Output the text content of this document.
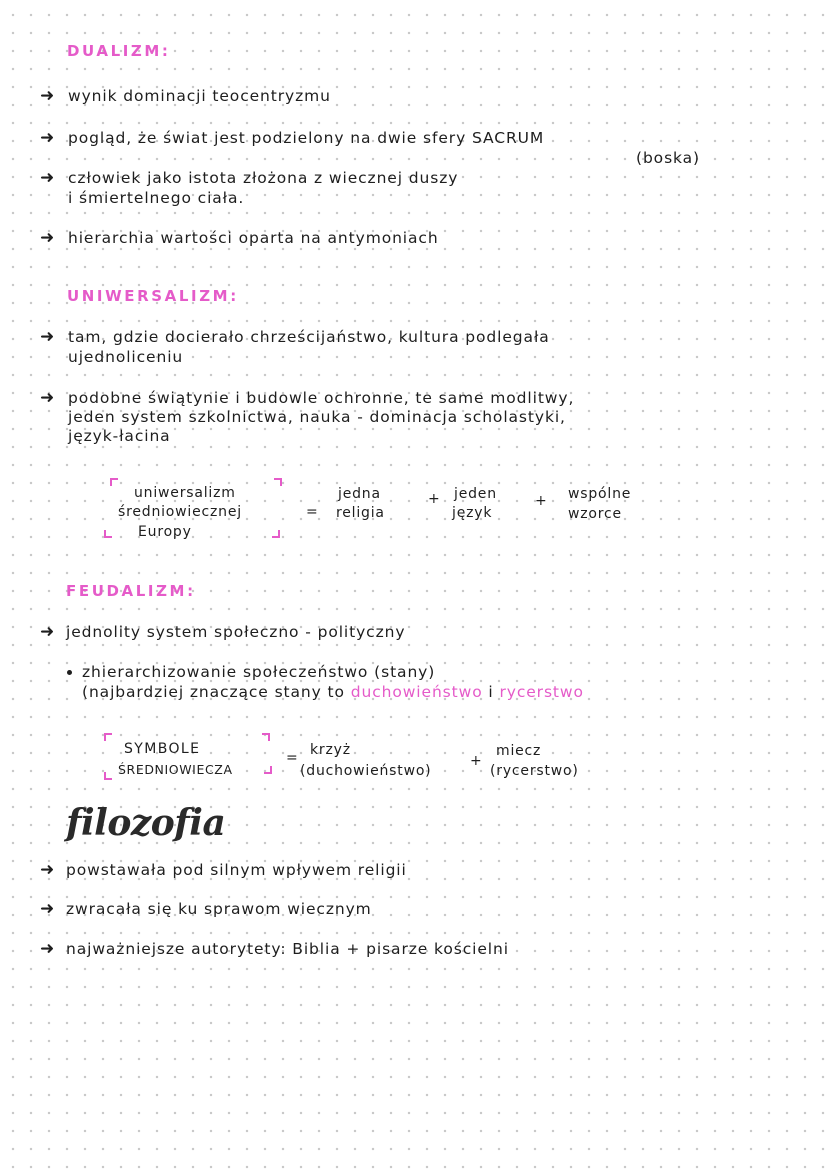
DUALIZM:
➜ wynik dominacji teocentryzmu
➜ pogląd, że świat jest podzielony na dwie sfery SACRUM
(boska)
➜ człowiek jako istota złożona z wiecznej duszy
i śmiertelnego ciała.
➜ hierarchia wartości oparta na antymoniach
UNIWERSALIZM:
➜ tam, gdzie docierało chrześcijaństwo, kultura podlegała
ujednoliceniu
➜ podobne świątynie i budowle ochronne, te same modlitwy,
jeden system szkolnictwa, nauka - dominacja scholastyki,
język-łacina
uniwersalizm
średniowiecznej
Europy
=
jedna
religia
+ jeden
język
+ wspólne
wzorce
FEUDALIZM:
➜ jednolity system społeczno - polityczny
zhierarchizowanie społeczeństwo (stany)
(najbardziej znaczące stany to duchowieństwo i rycerstwo
SYMBOLE
ŚREDNIOWIECZA
= krzyż
(duchowieństwo)
+
miecz
(rycerstwo)
filozofia
➜ powstawała pod silnym wpływem religii
➜ zwracała się ku sprawom wiecznym
➜ najważniejsze autorytety: Biblia + pisarze kościelni
